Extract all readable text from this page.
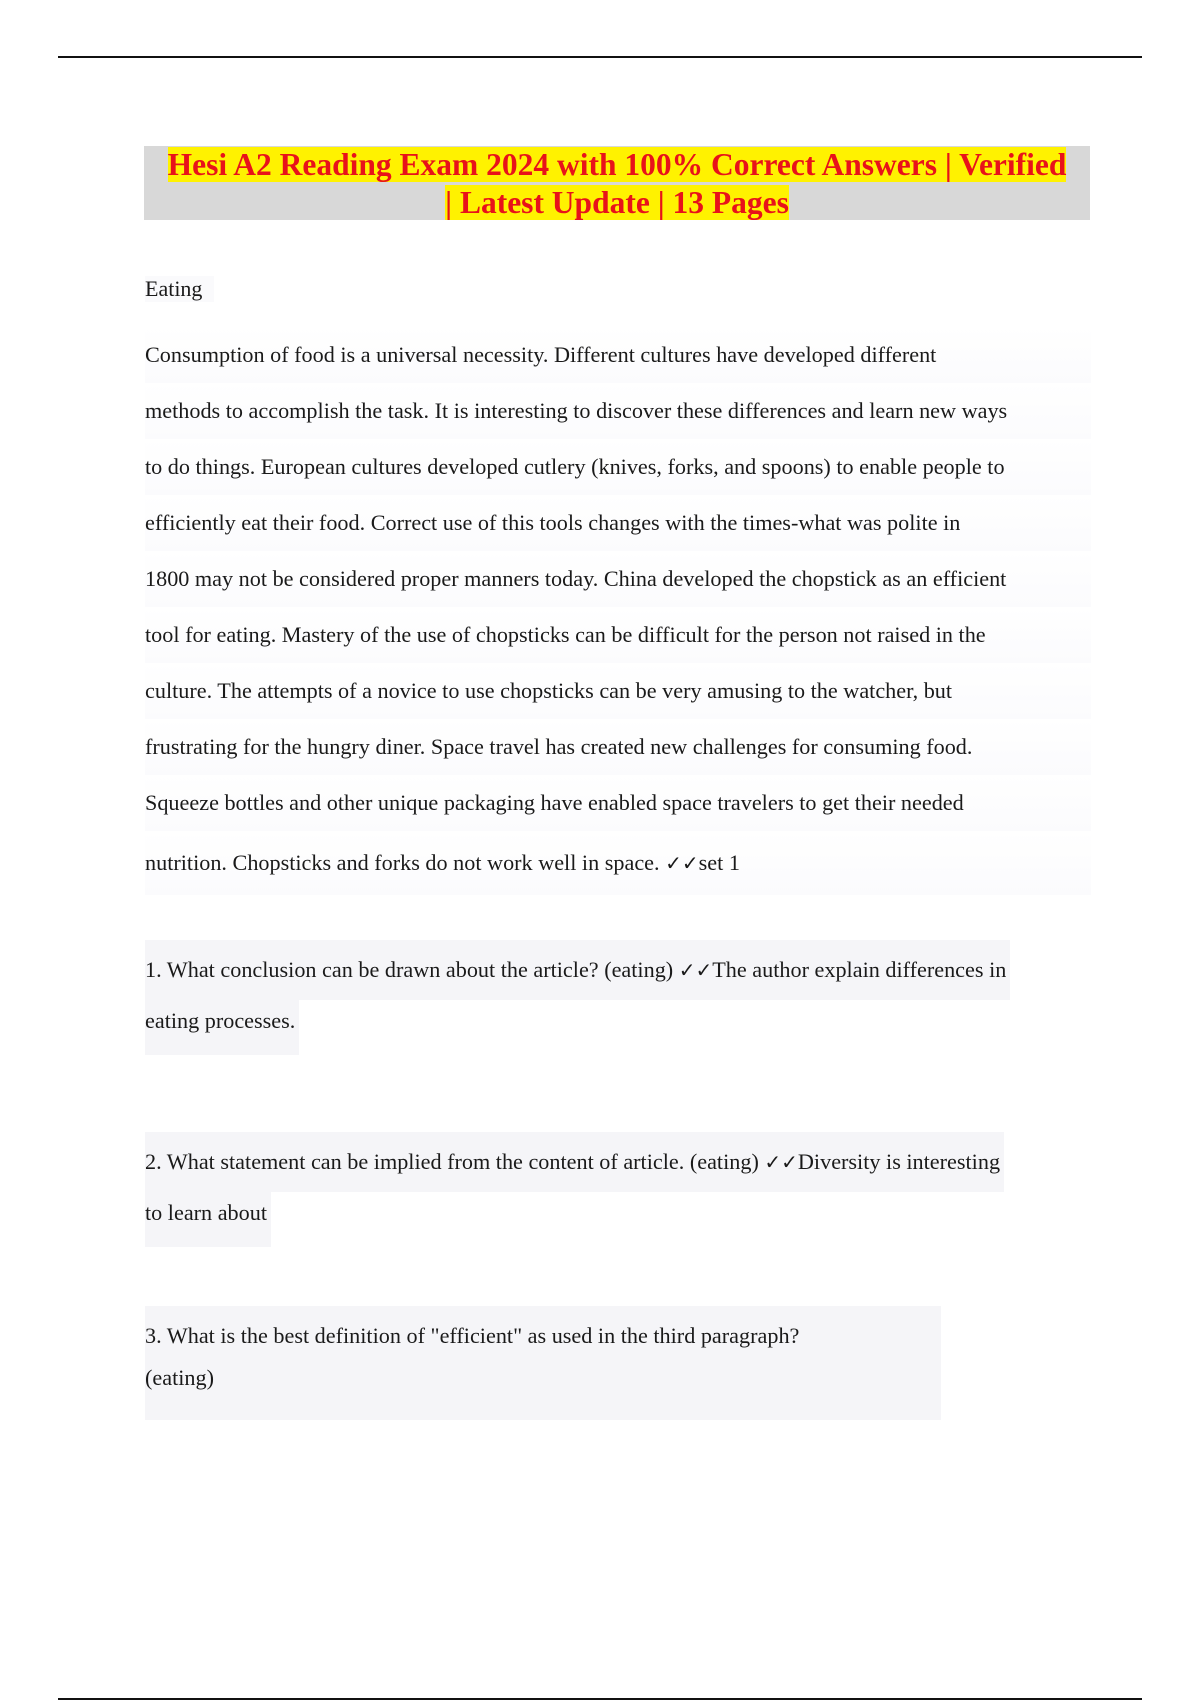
Hesi A2 Reading Exam 2024 with 100% Correct Answers | Verified
| Latest Update | 13 Pages

Eating

Consumption of food is a universal necessity. Different cultures have developed different
methods to accomplish the task. It is interesting to discover these differences and learn new ways
to do things. European cultures developed cutlery (knives, forks, and spoons) to enable people to
efficiently eat their food. Correct use of this tools changes with the times-what was polite in
1800 may not be considered proper manners today. China developed the chopstick as an efficient
tool for eating. Mastery of the use of chopsticks can be difficult for the person not raised in the
culture. The attempts of a novice to use chopsticks can be very amusing to the watcher, but
frustrating for the hungry diner. Space travel has created new challenges for consuming food.
Squeeze bottles and other unique packaging have enabled space travelers to get their needed
nutrition. Chopsticks and forks do not work well in space. ✓✓set 1

1. What conclusion can be drawn about the article? (eating) ✓✓The author explain differences in
eating processes.
2. What statement can be implied from the content of article. (eating) ✓✓Diversity is interesting
to learn about
3. What is the best definition of "efficient" as used in the third paragraph?
(eating)
